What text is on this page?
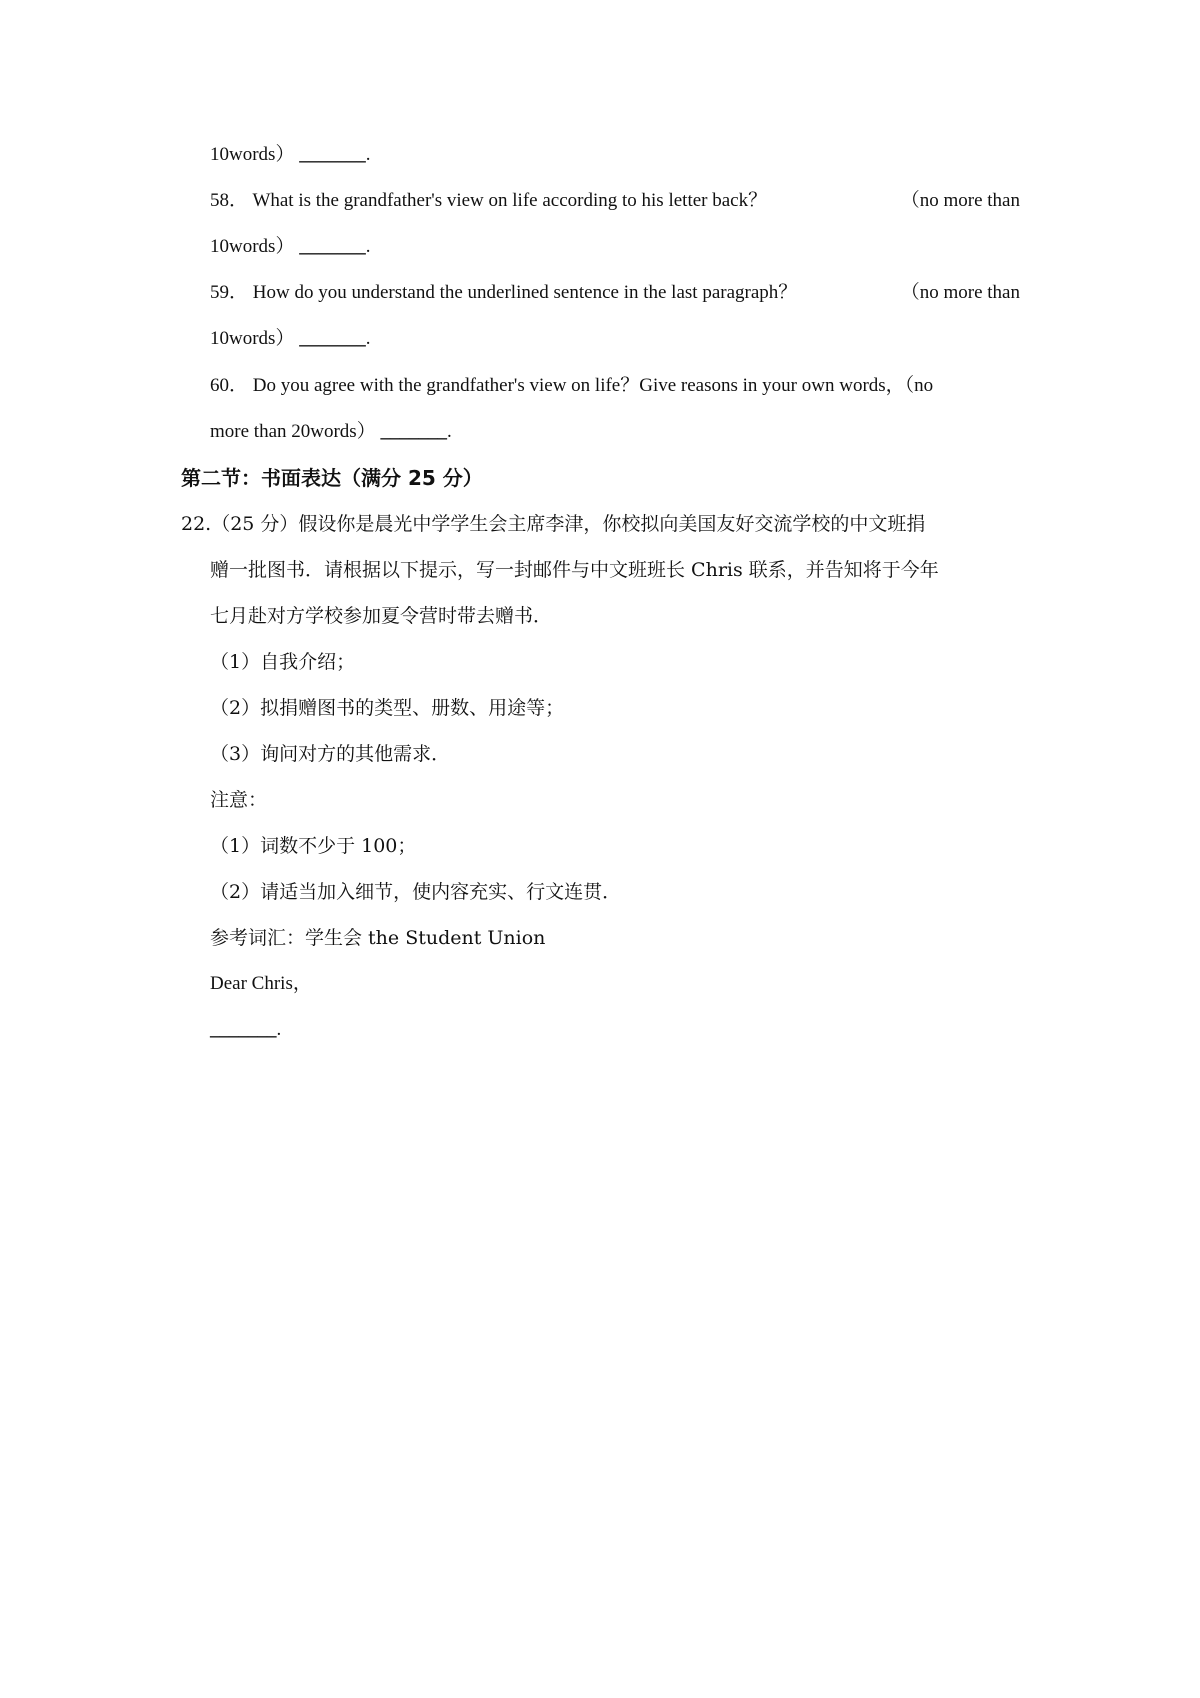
10words） _______.
58． What is the grandfather's view on life according to his letter back？	（no more than
10words） _______.
59． How do you understand the underlined sentence in the last paragraph？	（no more than
10words） _______.
60． Do you agree with the grandfather's view on life？Give reasons in your own words，（no
more than 20words） _______.
第二节：书面表达（满分 25 分）
22.（25 分）假设你是晨光中学学生会主席李津，你校拟向美国友好交流学校的中文班捐
赠一批图书．请根据以下提示，写一封邮件与中文班班长 Chris 联系，并告知将于今年
七月赴对方学校参加夏令营时带去赠书．
（1）自我介绍；
（2）拟捐赠图书的类型、册数、用途等；
（3）询问对方的其他需求．
注意：
（1）词数不少于 100；
（2）请适当加入细节，使内容充实、行文连贯．
参考词汇：学生会 the Student Union
Dear Chris，
_______.
